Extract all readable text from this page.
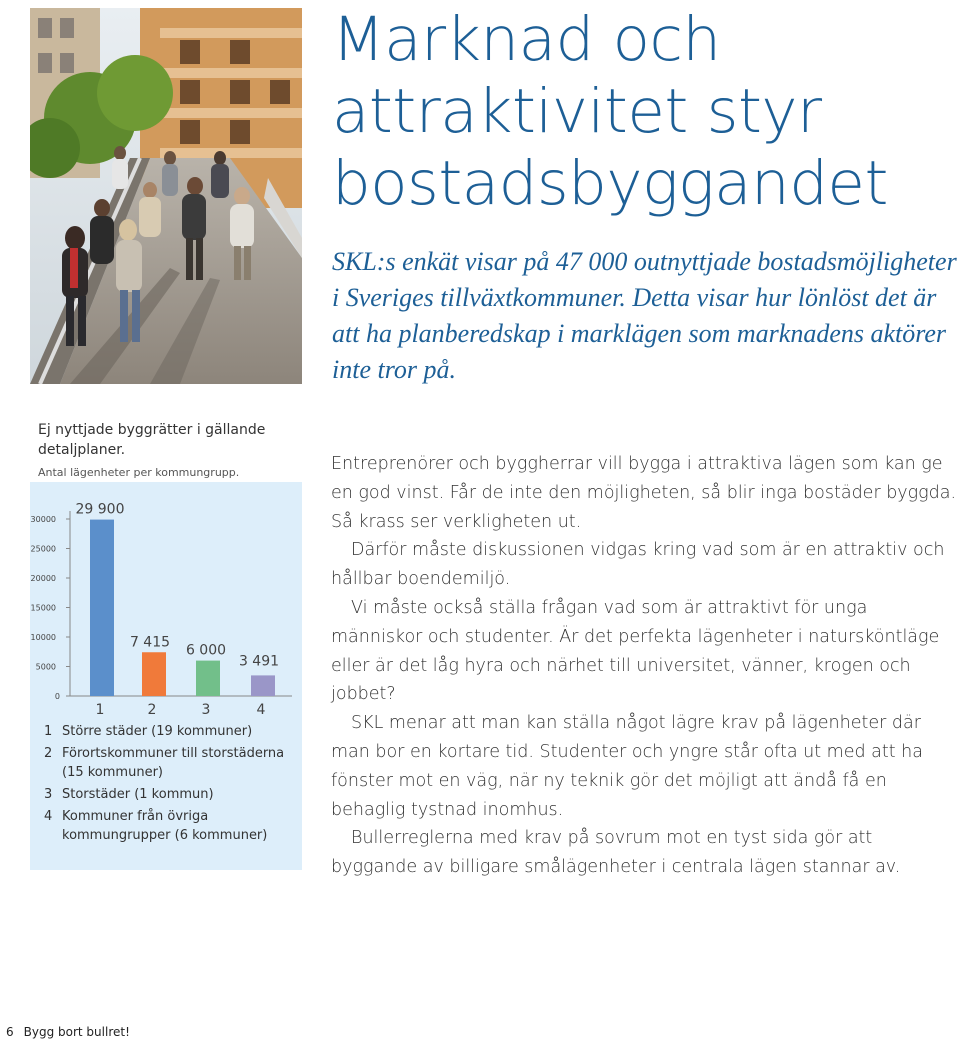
Marknad och attraktivitet styr bostadsbyggandet

SKL:s enkät visar på 47 000 outnyttjade bostadsmöjligheter i Sveriges tillväxtkommuner. Detta visar hur lönlöst det är att ha planberedskap i marklägen som marknadens aktörer inte tror på.

Ej nyttjade byggrätter i gällande detaljplaner.

Antal lägenheter per kommungrupp.

0
5000
10000
15000
20000
25000
30000
29 900
1
7 415
2
6 000
3
3 491
4
1 Större städer (19 kommuner)
2 Förortskommuner till storstäderna (15 kommuner)
3 Storstäder (1 kommun)
4 Kommuner från övriga kommungrupper (6 kommuner)

Entreprenörer och byggherrar vill bygga i attraktiva lägen som kan ge en god vinst. Får de inte den möjligheten, så blir inga bostäder byggda. Så krass ser verkligheten ut.

Därför måste diskussionen vidgas kring vad som är en attraktiv och hållbar boendemiljö.

Vi måste också ställa frågan vad som är attraktivt för unga människor och studenter. Är det perfekta lägenheter i natursköntläge eller är det låg hyra och närhet till universitet, vänner, krogen och jobbet?

SKL menar att man kan ställa något lägre krav på lägenheter där man bor en kortare tid. Studenter och yngre står ofta ut med att ha fönster mot en väg, när ny teknik gör det möjligt att ändå få en behaglig tystnad inomhus.

Bullerreglerna med krav på sovrum mot en tyst sida gör att byggande av billigare smålägenheter i centrala lägen stannar av.

6 Bygg bort bullret!
